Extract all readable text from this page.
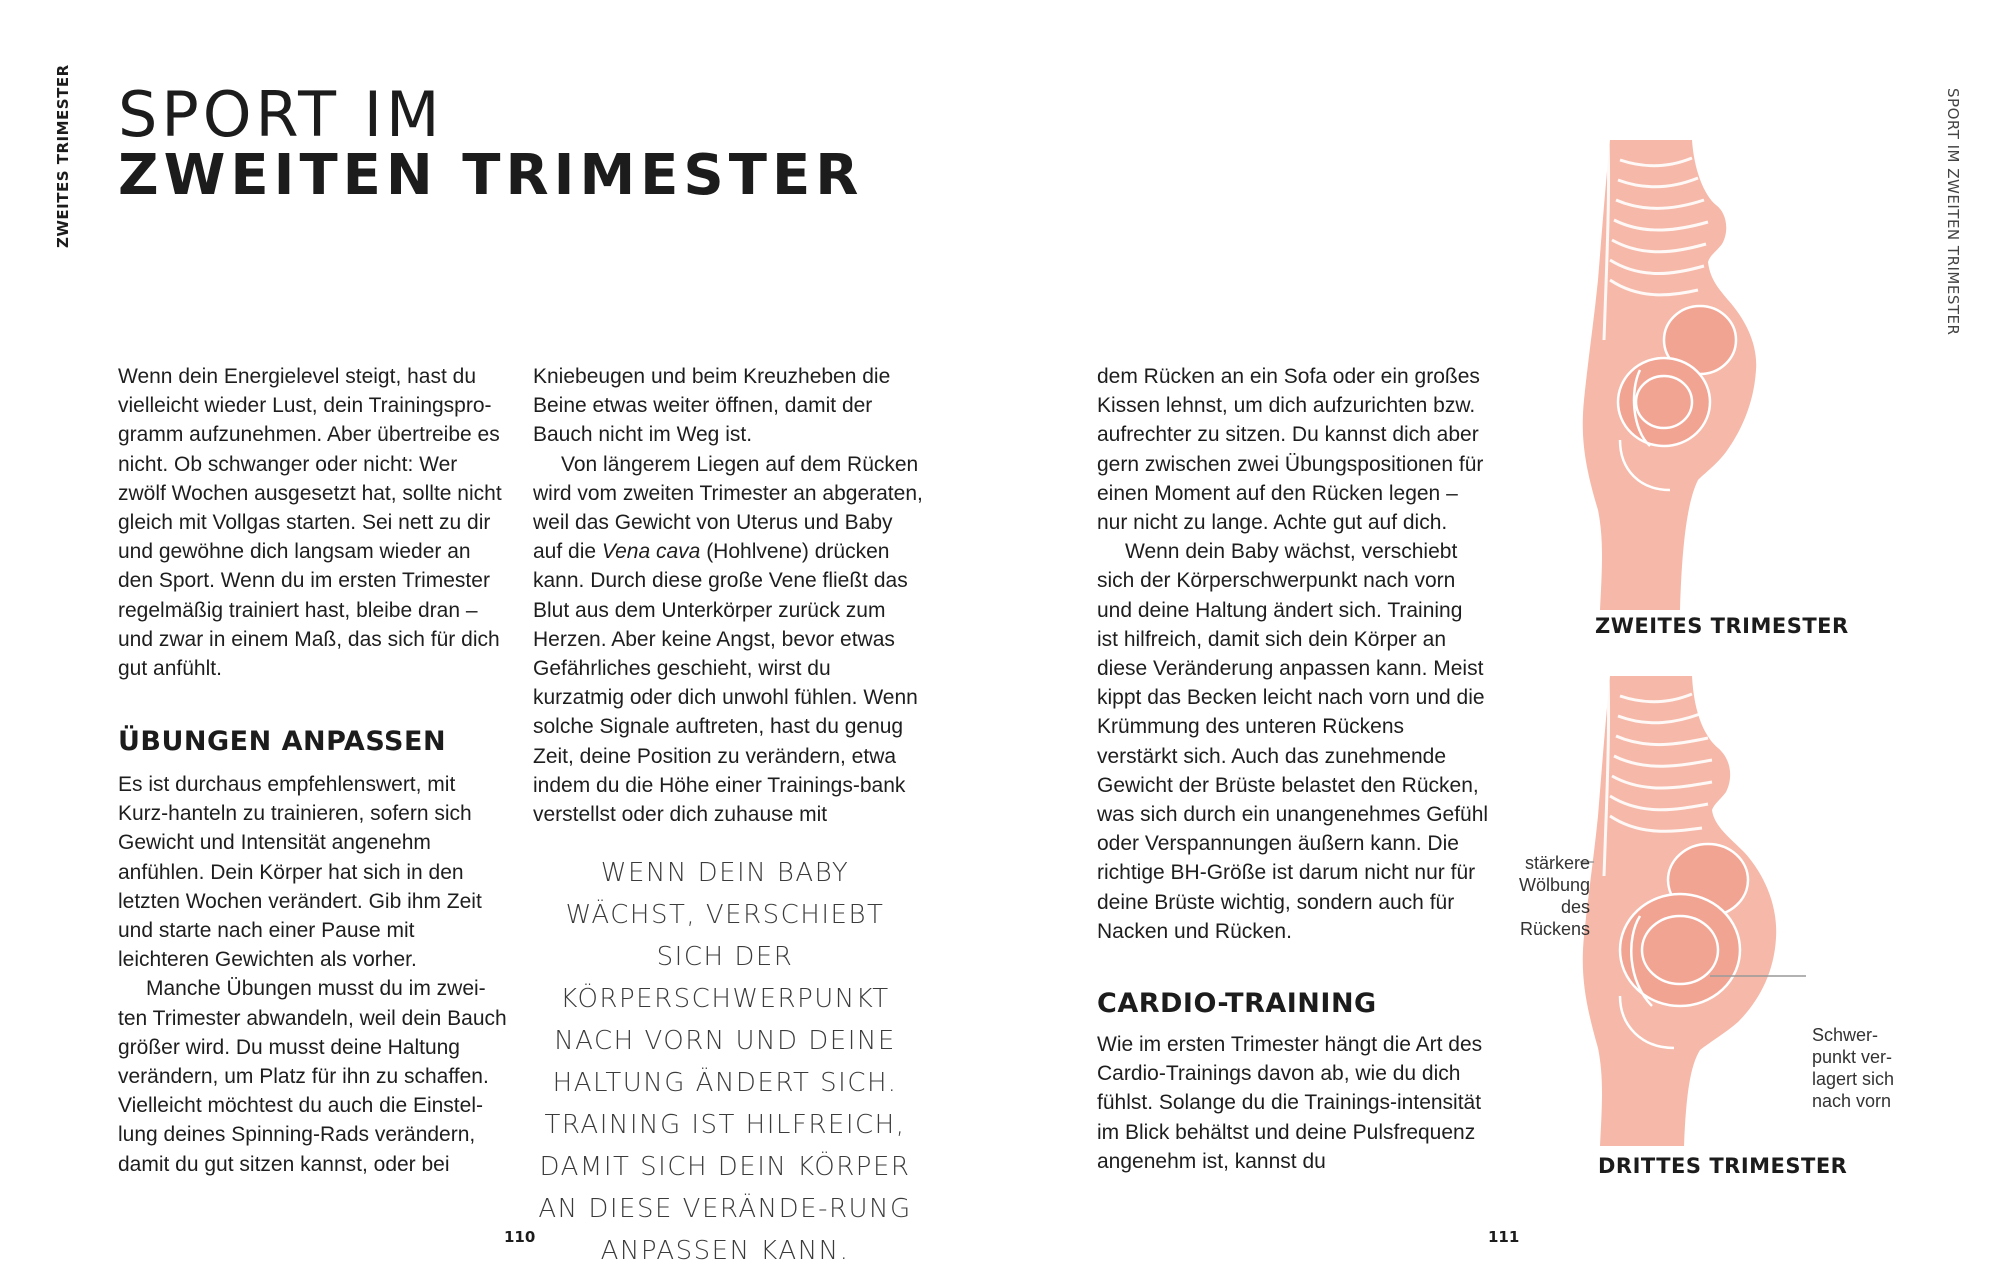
ZWEITES TRIMESTER	SPORT IM ZWEITEN TRIMESTER
SPORT IM
ZWEITEN TRIMESTER

Wenn dein Energielevel steigt, hast du vielleicht wieder Lust, dein Trainingspro-gramm aufzunehmen. Aber übertreibe es nicht. Ob schwanger oder nicht: Wer zwölf Wochen ausgesetzt hat, sollte nicht gleich mit Vollgas starten. Sei nett zu dir und gewöhne dich langsam wieder an den Sport. Wenn du im ersten Trimester regelmäßig trainiert hast, bleibe dran – und zwar in einem Maß, das sich für dich gut anfühlt.

ÜBUNGEN ANPASSEN

Es ist durchaus empfehlenswert, mit Kurz-hanteln zu trainieren, sofern sich Gewicht und Intensität angenehm anfühlen. Dein Körper hat sich in den letzten Wochen verändert. Gib ihm Zeit und starte nach einer Pause mit leichteren Gewichten als vorher.

Manche Übungen musst du im zwei-ten Trimester abwandeln, weil dein Bauch größer wird. Du musst deine Haltung verändern, um Platz für ihn zu schaffen. Vielleicht möchtest du auch die Einstel-lung deines Spinning-Rads verändern, damit du gut sitzen kannst, oder bei

Kniebeugen und beim Kreuzheben die Beine etwas weiter öffnen, damit der Bauch nicht im Weg ist.

Von längerem Liegen auf dem Rücken wird vom zweiten Trimester an abgeraten, weil das Gewicht von Uterus und Baby auf die Vena cava (Hohlvene) drücken kann. Durch diese große Vene fließt das Blut aus dem Unterkörper zurück zum Herzen. Aber keine Angst, bevor etwas Gefährliches geschieht, wirst du kurzatmig oder dich unwohl fühlen. Wenn solche Signale auftreten, hast du genug Zeit, deine Position zu verändern, etwa indem du die Höhe einer Trainings-bank verstellst oder dich zuhause mit

WENN DEIN BABY WÄCHST, VERSCHIEBT SICH DER KÖRPERSCHWERPUNKT NACH VORN UND DEINE HALTUNG ÄNDERT SICH. TRAINING IST HILFREICH, DAMIT SICH DEIN KÖRPER AN DIESE VERÄNDE-RUNG ANPASSEN KANN.

dem Rücken an ein Sofa oder ein großes Kissen lehnst, um dich aufzurichten bzw. aufrechter zu sitzen. Du kannst dich aber gern zwischen zwei Übungspositionen für einen Moment auf den Rücken legen – nur nicht zu lange. Achte gut auf dich.

Wenn dein Baby wächst, verschiebt sich der Körperschwerpunkt nach vorn und deine Haltung ändert sich. Training ist hilfreich, damit sich dein Körper an diese Veränderung anpassen kann. Meist kippt das Becken leicht nach vorn und die Krümmung des unteren Rückens verstärkt sich. Auch das zunehmende Gewicht der Brüste belastet den Rücken, was sich durch ein unangenehmes Gefühl oder Verspannungen äußern kann. Die richtige BH-Größe ist darum nicht nur für deine Brüste wichtig, sondern auch für Nacken und Rücken.

CARDIO-TRAINING

Wie im ersten Trimester hängt die Art des Cardio-Trainings davon ab, wie du dich fühlst. Solange du die Trainings-intensität im Blick behältst und deine Pulsfrequenz angenehm ist, kannst du

ZWEITES TRIMESTER
DRITTES TRIMESTER
stärkere Wölbung des Rückens
Schwer-punkt ver-lagert sich nach vorn
110	111
